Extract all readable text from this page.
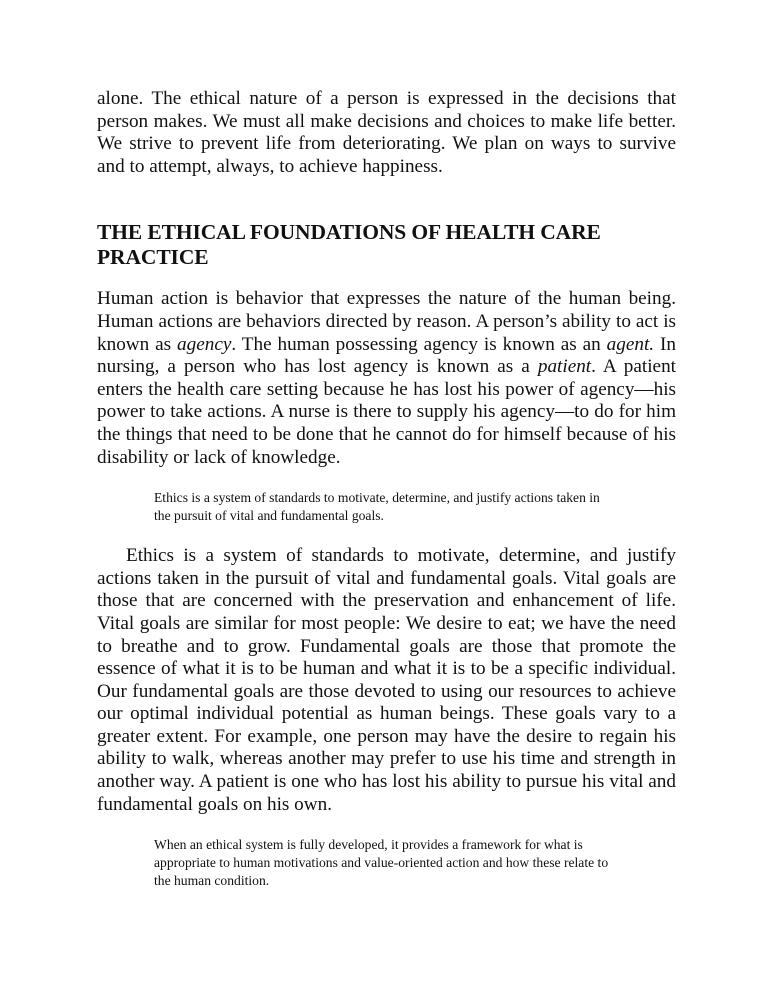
alone. The ethical nature of a person is expressed in the decisions that person makes. We must all make decisions and choices to make life better. We strive to prevent life from deteriorating. We plan on ways to survive and to attempt, always, to achieve happiness.

THE ETHICAL FOUNDATIONS OF HEALTH CARE
PRACTICE

Human action is behavior that expresses the nature of the human being. Human actions are behaviors directed by reason. A person’s ability to act is known as agency. The human possessing agency is known as an agent. In nursing, a person who has lost agency is known as a patient. A patient enters the health care setting because he has lost his power of agency—his power to take actions. A nurse is there to supply his agency—to do for him the things that need to be done that he cannot do for himself because of his disability or lack of knowledge.

Ethics is a system of standards to motivate, determine, and justify actions taken in the pursuit of vital and fundamental goals.

Ethics is a system of standards to motivate, determine, and justify actions taken in the pursuit of vital and fundamental goals. Vital goals are those that are concerned with the preservation and enhancement of life. Vital goals are similar for most people: We desire to eat; we have the need to breathe and to grow. Fundamental goals are those that promote the essence of what it is to be human and what it is to be a specific individual. Our fundamental goals are those devoted to using our resources to achieve our optimal individual potential as human beings. These goals vary to a greater extent. For example, one person may have the desire to regain his ability to walk, whereas another may prefer to use his time and strength in another way. A patient is one who has lost his ability to pursue his vital and fundamental goals on his own.

When an ethical system is fully developed, it provides a framework for what is appropriate to human motivations and value-oriented action and how these relate to the human condition.
